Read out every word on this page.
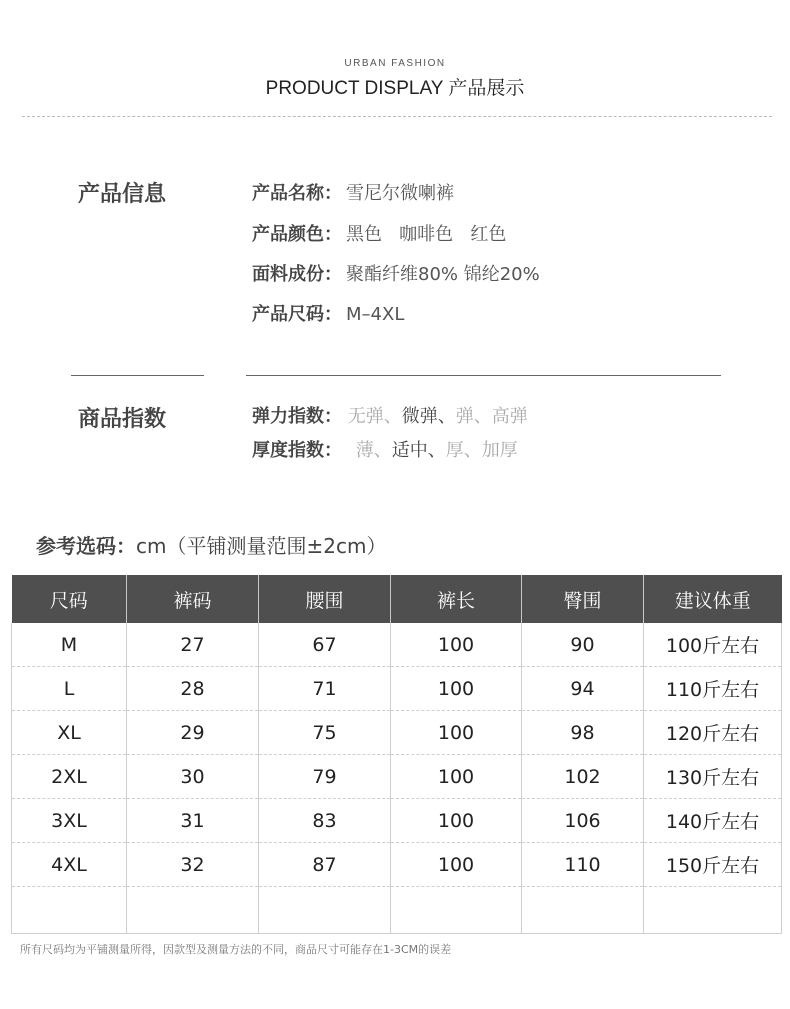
URBAN FASHION
PRODUCT DISPLAY 产品展示
产品信息	产品名称： 雪尼尔微喇裤
产品颜色： 黑色   咖啡色   红色
面料成份： 聚酯纤维80% 锦纶20%
产品尺码： M–4XL
商品指数	弹力指数： 无弹、微弹、弹、高弹
厚度指数： 薄、适中、厚、加厚
参考选码：cm（平铺测量范围±2cm）
尺码	裤码	腰围	裤长	臀围	建议体重
M	27	67	100	90	100斤左右
L	28	71	100	94	110斤左右
XL	29	75	100	98	120斤左右
2XL	30	79	100	102	130斤左右
3XL	31	83	100	106	140斤左右
4XL	32	87	100	110	150斤左右

所有尺码均为平铺测量所得，因款型及测量方法的不同，商品尺寸可能存在1-3CM的误差
